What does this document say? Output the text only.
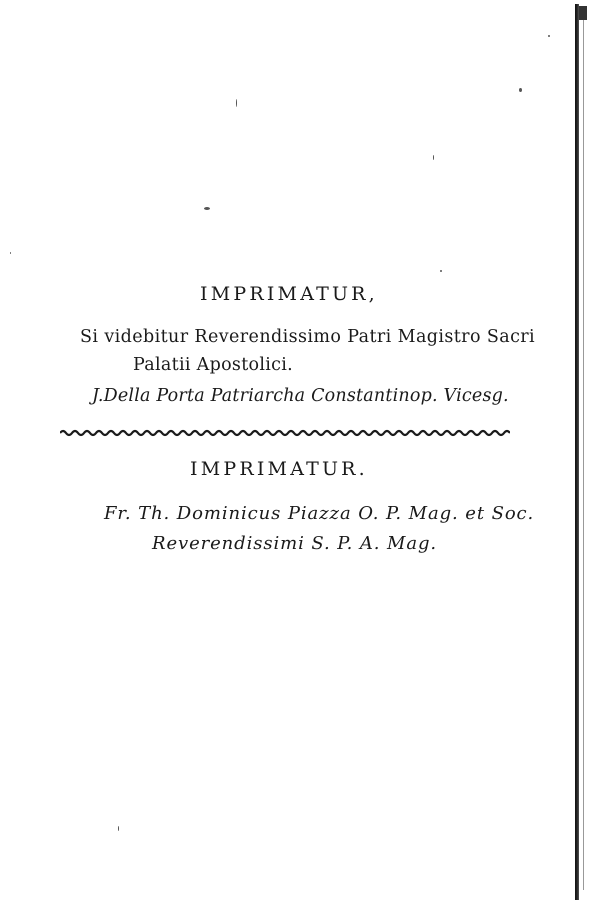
IMPRIMATUR,
Si videbitur Reverendissimo Patri Magistro Sacri
Palatii Apostolici.
J.Della Porta Patriarcha Constantinop. Vicesg.
IMPRIMATUR.
Fr. Th. Dominicus Piazza O. P. Mag. et Soc.
Reverendissimi S. P. A. Mag.
